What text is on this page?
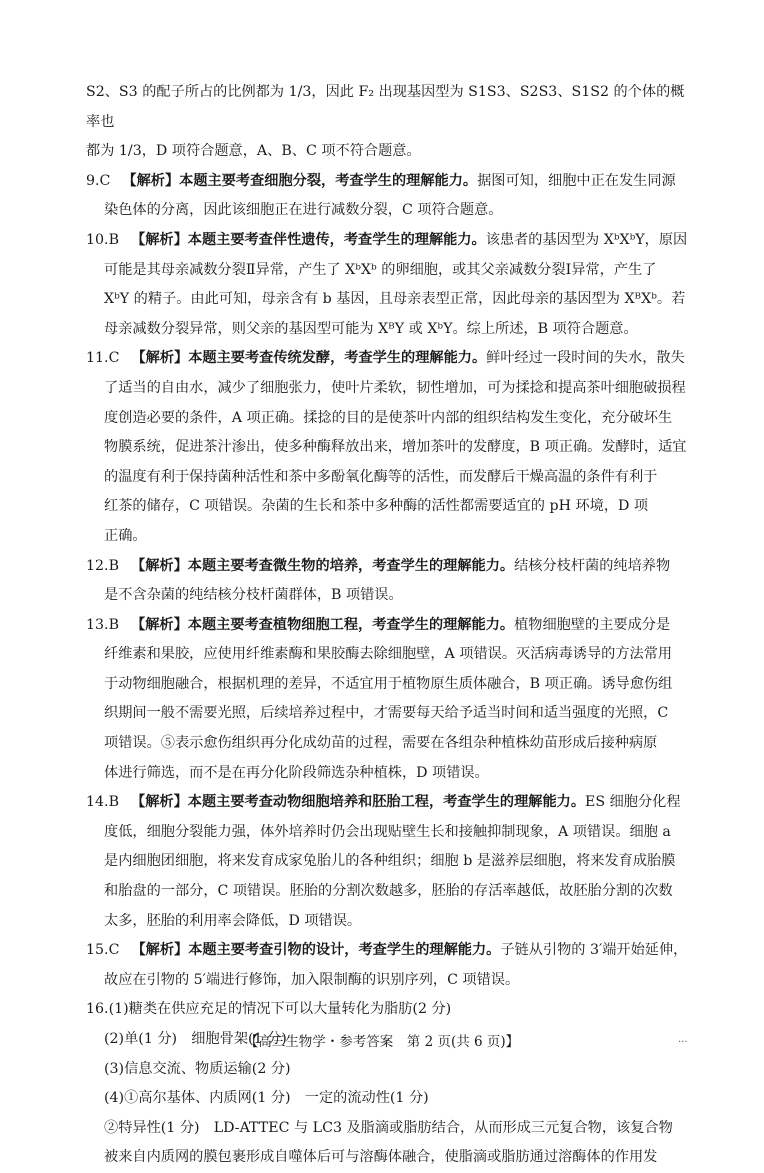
S2、S3 的配子所占的比例都为 1/3，因此 F₂ 出现基因型为 S1S3、S2S3、S1S2 的个体的概率也

都为 1/3，D 项符合题意，A、B、C 项不符合题意。

9.C 【解析】本题主要考查细胞分裂，考查学生的理解能力。据图可知，细胞中正在发生同源

染色体的分离，因此该细胞正在进行减数分裂，C 项符合题意。

10.B 【解析】本题主要考查伴性遗传，考查学生的理解能力。该患者的基因型为 XᵇXᵇY，原因

可能是其母亲减数分裂Ⅱ异常，产生了 XᵇXᵇ 的卵细胞，或其父亲减数分裂Ⅰ异常，产生了

XᵇY 的精子。由此可知，母亲含有 b 基因，且母亲表型正常，因此母亲的基因型为 XᴮXᵇ。若

母亲减数分裂异常，则父亲的基因型可能为 XᴮY 或 XᵇY。综上所述，B 项符合题意。

11.C 【解析】本题主要考查传统发酵，考查学生的理解能力。鲜叶经过一段时间的失水，散失

了适当的自由水，减少了细胞张力，使叶片柔软，韧性增加，可为揉捻和提高茶叶细胞破损程

度创造必要的条件，A 项正确。揉捻的目的是使茶叶内部的组织结构发生变化，充分破坏生

物膜系统，促进茶汁渗出，使多种酶释放出来，增加茶叶的发酵度，B 项正确。发酵时，适宜

的温度有利于保持菌种活性和茶中多酚氧化酶等的活性，而发酵后干燥高温的条件有利于

红茶的储存，C 项错误。杂菌的生长和茶中多种酶的活性都需要适宜的 pH 环境，D 项

正确。

12.B 【解析】本题主要考查微生物的培养，考查学生的理解能力。结核分枝杆菌的纯培养物

是不含杂菌的纯结核分枝杆菌群体，B 项错误。

13.B 【解析】本题主要考查植物细胞工程，考查学生的理解能力。植物细胞壁的主要成分是

纤维素和果胶，应使用纤维素酶和果胶酶去除细胞壁，A 项错误。灭活病毒诱导的方法常用

于动物细胞融合，根据机理的差异，不适宜用于植物原生质体融合，B 项正确。诱导愈伤组

织期间一般不需要光照，后续培养过程中，才需要每天给予适当时间和适当强度的光照，C

项错误。⑤表示愈伤组织再分化成幼苗的过程，需要在各组杂种植株幼苗形成后接种病原

体进行筛选，而不是在再分化阶段筛选杂种植株，D 项错误。

14.B 【解析】本题主要考查动物细胞培养和胚胎工程，考查学生的理解能力。ES 细胞分化程

度低，细胞分裂能力强，体外培养时仍会出现贴壁生长和接触抑制现象，A 项错误。细胞 a

是内细胞团细胞，将来发育成家兔胎儿的各种组织；细胞 b 是滋养层细胞，将来发育成胎膜

和胎盘的一部分，C 项错误。胚胎的分割次数越多，胚胎的存活率越低，故胚胎分割的次数

太多，胚胎的利用率会降低，D 项错误。

15.C 【解析】本题主要考查引物的设计，考查学生的理解能力。子链从引物的 3′端开始延伸，

故应在引物的 5′端进行修饰，加入限制酶的识别序列，C 项错误。

16.(1)糖类在供应充足的情况下可以大量转化为脂肪(2 分)

(2)单(1 分)　细胞骨架(1 分)

(3)信息交流、物质运输(2 分)

(4)①高尔基体、内质网(1 分)　一定的流动性(1 分)

②特异性(1 分)　LD-ATTEC 与 LC3 及脂滴或脂肪结合，从而形成三元复合物，该复合物

被来自内质网的膜包裹形成自噬体后可与溶酶体融合，使脂滴或脂肪通过溶酶体的作用发

【高三生物学・参考答案　第 2 页(共 6 页)】	...
